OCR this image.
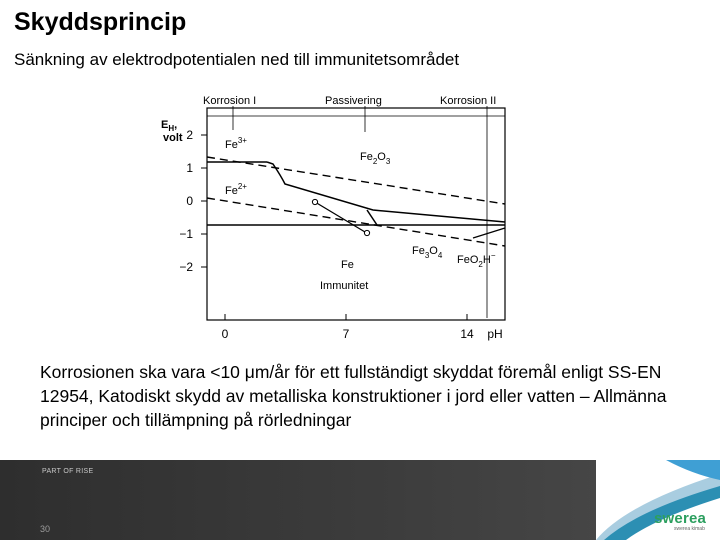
Skyddsprincip
Sänkning av elektrodpotentialen ned till immunitetsområdet
Korrosion I	Passivering	Korrosion II
$E_H$,
volt 2
1
0
−1
−2
0	7	14 pH
$Fe^{3+}$
$Fe^{2+}$
$Fe_2O_3$
$Fe_3O_4$ FeO$_2$H−
Fe
Immunitet
Korrosionen ska vara <10 μm/år för ett fullständigt skyddat föremål enligt SS-EN 12954, Katodiskt skydd av metalliska konstruktioner i jord eller vatten – Allmänna principer och tillämpning på rörledningar
PART OF RISE
30
swerea
swerea kimab
